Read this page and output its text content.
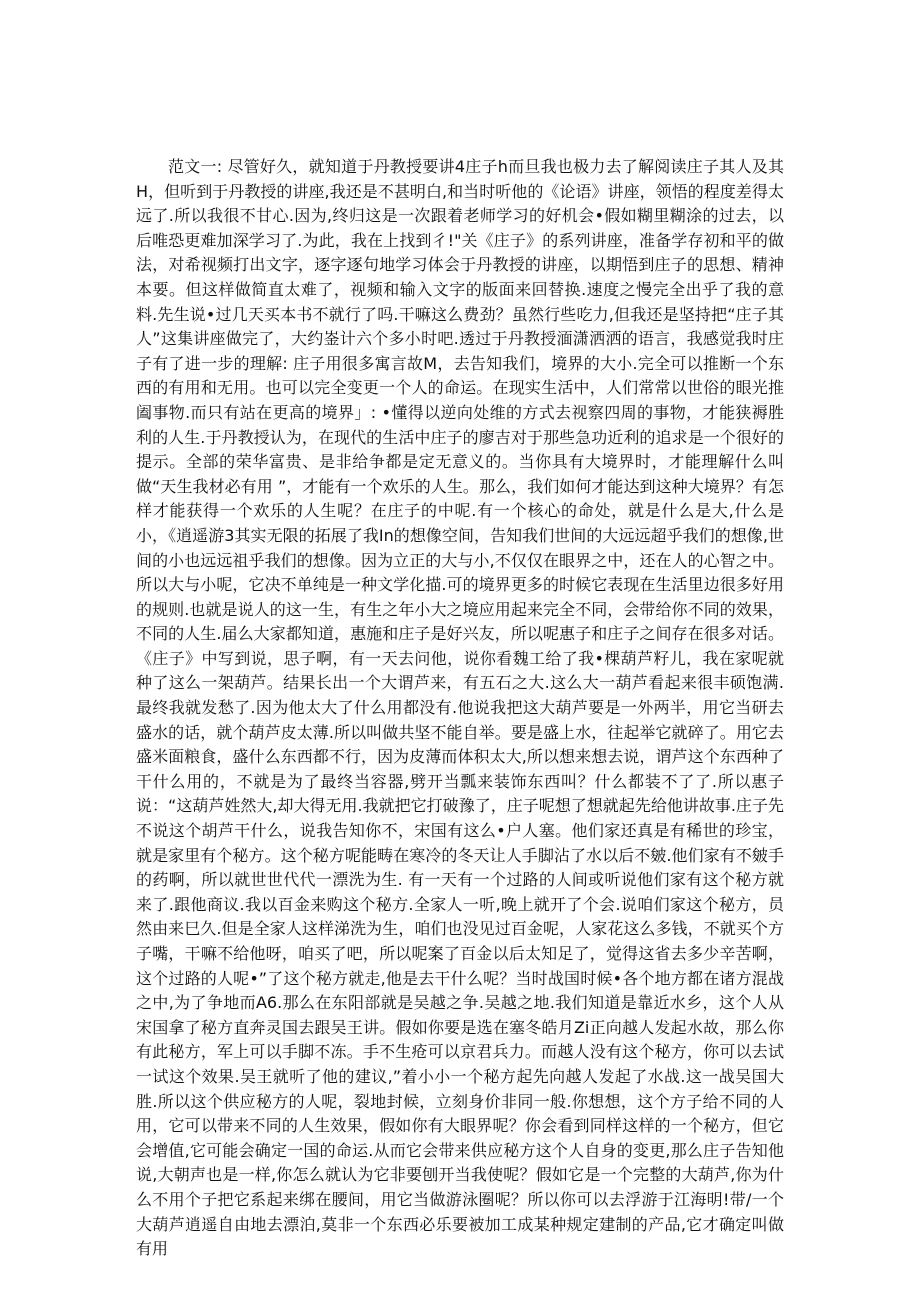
范文一: 尽管好久，就知道于丹教授要讲4庄子h而旦我也极力去了解阅读庄子其人及其H，但听到于丹教授的讲座,我还是不甚明白,和当时听他的《论语》讲座，领悟的程度差得太远了.所以我很不甘心.因为,终归这是一次跟着老师学习的好机会•假如糊里糊涂的过去，以后唯恐更难加深学习了.为此，我在上找到彳!"关《庄子》的系列讲座，准备学存初和平的做法，对希视频打出文字，逐字逐句地学习体会于丹教授的讲座，以期悟到庄子的思想、精神本要。但这样做简直太难了，视频和输入文字的版面来回替换.速度之慢完全出乎了我的意料.先生说•过几天买本书不就行了吗.干嘛这么费劲？虽然行些吃力,但我还是坚持把“庄子其人”这集讲座做完了，大约崟计六个多小时吧.透过于丹教授湎潇洒洒的语言，我感觉我时庄子有了进一步的理解: 庄子用很多寓言故M，去告知我们，境界的大小.完全可以推断一个东西的有用和无用。也可以完全变更一个人的命运。在现实生活中，人们常常以世俗的眼光推阖事物.而只有站在更高的境界」: •懂得以逆向处维的方式去视察四周的事物，才能狭褥胜利的人生.于丹教授认为，在现代的生活中庄子的廖吉对于那些急功近利的追求是一个很好的提示。全部的荣华富贵、是非给争都是定无意义的。当你具有大境界时，才能理解什么叫做“天生我材必有用 ”，才能有一个欢乐的人生。那么，我们如何才能达到这种大境界？有怎样才能获得一个欢乐的人生呢？在庄子的中呢.有一个核心的命处，就是什么是大,什么是小，《逍遥游3其实无限的拓展了我In的想像空间，告知我们世间的大远远超乎我们的想像,世间的小也远远祖乎我们的想像。因为立正的大与小,不仅仅在眼界之中，还在人的心智之中。所以大与小呢，它决不单纯是一种文学化描.可的境界更多的时候它表现在生活里边很多好用的规则.也就是说人的这一生，有生之年小大之境应用起来完全不同，会带给你不同的效果，不同的人生.届么大家都知道，惠施和庄子是好兴友，所以呢惠子和庄子之间存在很多对话。《庄子》中写到说，思子啊，有一天去问他，说你看魏工给了我•棵葫芦籽儿，我在家呢就种了这么一架葫芦。结果长出一个大谓芦来，有五石之大.这么大一葫芦看起来很丰硕饱满.最终我就发愁了.因为他太大了什么用都没有.他说我把这大葫芦要是一外两半，用它当研去盛水的话，就个葫芦皮太薄.所以叫做共坚不能自举。要是盛上水，往起举它就碎了。用它去盛米面粮食，盛什么东西都不行，因为皮薄而体积太大,所以想来想去说，谓芦这个东西种了干什么用的，不就是为了最终当容器,劈开当瓢来装饰东西叫？什么都装不了了.所以惠子说：“这葫芦姓然大,却大得无用.我就把它打破豫了，庄子呢想了想就起先给他讲故事.庄子先不说这个胡芦干什么，说我告知你不，宋国有这么•户人塞。他们家还真是有稀世的珍宝，就是家里有个秘方。这个秘方呢能畴在寒冷的冬天让人手脚沾了水以后不皴.他们家有不皴手的药啊，所以就世世代代一漂洗为生. 有一天有一个过路的人间或听说他们家有这个秘方就来了.跟他商议.我以百金来购这个秘方.全家人一听,晚上就开了个会.说咱们家这个秘方，员然由来巳久.但是全家人这样涕洗为生，咱们也没见过百金呢，人家花这么多钱，不就买个方子嘴，干嘛不给他呀，咱买了吧，所以呢案了百金以后太知足了，觉得这省去多少辛苦啊，这个过路的人呢•”了这个秘方就走,他是去干什么呢？当时战国时候•各个地方都在诸方混战之中,为了争地而A6.那么在东阳部就是吴越之争.吴越之地.我们知道是靠近水乡，这个人从宋国拿了秘方直奔灵国去跟吴王讲。假如你要是选在塞冬皓月Zi正向越人发起水故，那么你有此秘方，军上可以手脚不冻。手不生疮可以京君兵力。而越人没有这个秘方，你可以去试一试这个效果.吴王就听了他的建议,”着小小一个秘方起先向越人发起了水战.这一战吴国大胜.所以这个供应秘方的人呢，裂地封候，立刻身价非同一般.你想想，这个方子给不同的人用，它可以带来不同的人生效果，假如你有大眼界呢？你会看到同样这样的一个秘方，但它会增值,它可能会确定一国的命运.从而它会带来供应秘方这个人自身的变更,那么庄子告知他说,大朝声也是一样,你怎么就认为它非要刨开当我使呢？假如它是一个完整的大葫芦,你为什么不用个子把它系起来绑在腰间，用它当做游泳圈呢？所以你可以去浮游于江海明!带/一个大葫芦逍遥自由地去漂泊,莫非一个东西必乐要被加工成某种规定建制的产品,它才确定叫做有用
